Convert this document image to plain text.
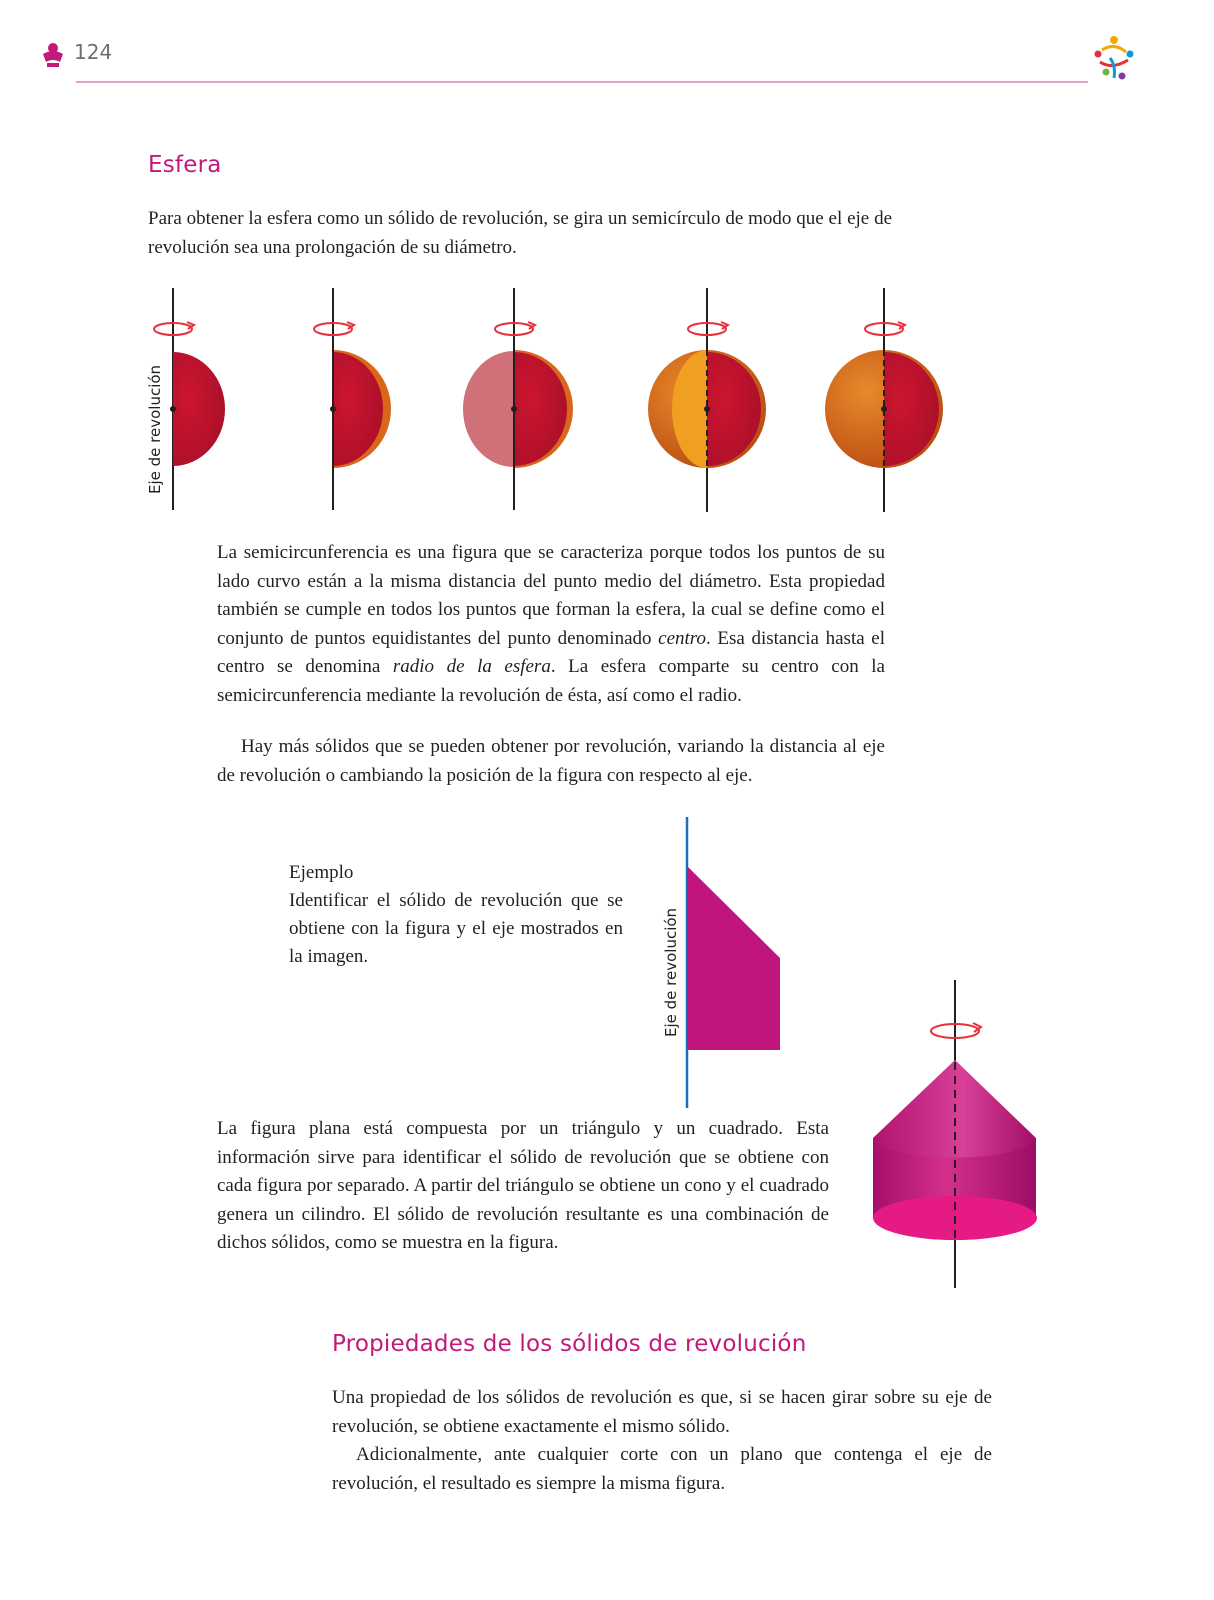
124
Esfera

Para obtener la esfera como un sólido de revolución, se gira un semicírculo de modo que el eje de revolución sea una prolongación de su diámetro.

Eje de revolución

La semicircunferencia es una figura que se caracteriza porque todos los puntos de su lado curvo están a la misma distancia del punto medio del diámetro. Esta propiedad también se cumple en todos los puntos que forman la esfera, la cual se define como el conjunto de puntos equidistantes del punto denominado centro. Esa distancia hasta el centro se denomina radio de la esfera. La esfera comparte su centro con la semicircunferencia mediante la revolución de ésta, así como el radio.

Hay más sólidos que se pueden obtener por revolución, variando la distancia al eje de revolución o cambiando la posición de la figura con respecto al eje.

Ejemplo

Identificar el sólido de revolución que se obtiene con la figura y el eje mostrados en la imagen.	Eje de revolución

La figura plana está compuesta por un triángulo y un cuadrado. Esta información sirve para identificar el sólido de revolución que se obtiene con cada figura por separado. A partir del triángulo se obtiene un cono y el cuadrado genera un cilindro. El sólido de revolución resultante es una combinación de dichos sólidos, como se muestra en la figura.

Propiedades de los sólidos de revolución

Una propiedad de los sólidos de revolución es que, si se hacen girar sobre su eje de revolución, se obtiene exactamente el mismo sólido.

Adicionalmente, ante cualquier corte con un plano que contenga el eje de revolución, el resultado es siempre la misma figura.
